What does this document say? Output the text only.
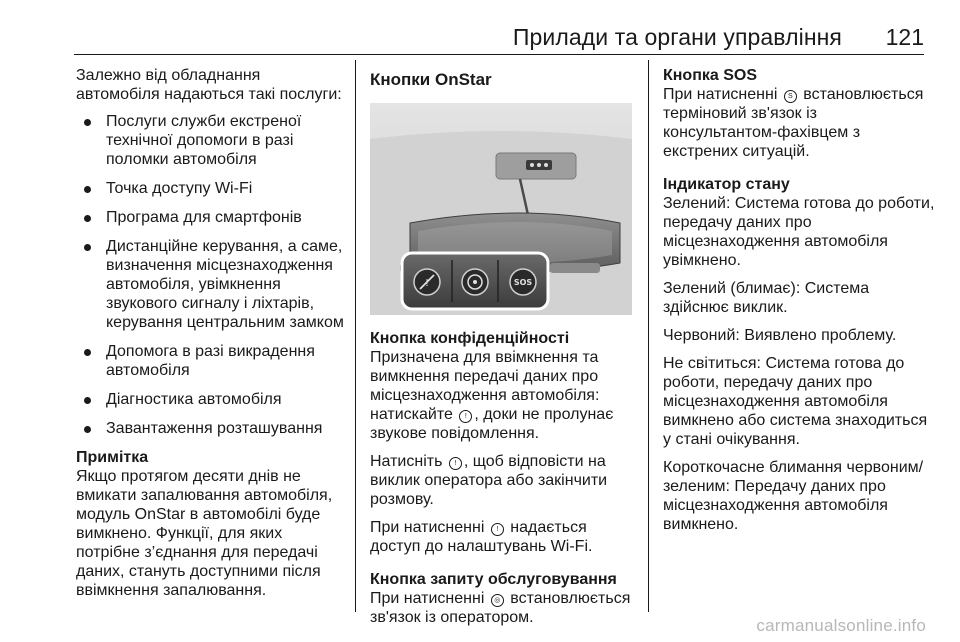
Прилади та органи управління 121

Залежно від обладнання автомобіля надаються такі послуги:

Послуги служби екстреної технічної допомоги в разі поломки автомобіля
Точка доступу Wi-Fi
Програма для смартфонів
Дистанційне керування, а саме, визначення місцезнаходження автомобіля, увімкнення звукового сигналу і ліхтарів, керування центральним замком
Допомога в разі викрадення автомобіля
Діагностика автомобіля
Завантаження розташування

Примітка

Якщо протягом десяти днів не вмикати запалювання автомобіля, модуль OnStar в автомобілі буде вимкнено. Функції, для яких потрібне з’єднання для передачі даних, стануть доступними після ввімкнення запалювання.

Кнопки OnStar

!	SOS

Кнопка конфіденційності

Призначена для ввімкнення та вимкнення передачі даних про місцезнаходження автомобіля: натискайте ! , доки не пролунає звукове повідомлення.

Натисніть ! , щоб відповісти на виклик оператора або закінчити розмову.

При натисненні ! надається доступ до налаштувань Wi-Fi.

Кнопка запиту обслуговування

При натисненні ◎ встановлюється зв'язок із оператором.

Кнопка SOS

При натисненні S встановлюється терміновий зв'язок із консультантом-фахівцем з екстрених ситуацій.

Індикатор стану

Зелений: Система готова до роботи, передачу даних про місцезнаходження автомобіля увімкнено.

Зелений (блимає): Система здійснює виклик.

Червоний: Виявлено проблему.

Не світиться: Система готова до роботи, передачу даних про місцезнаходження автомобіля вимкнено або система знаходиться у стані очікування.

Короткочасне блимання червоним/ зеленим: Передачу даних про місцезнаходження автомобіля вимкнено.

carmanualsonline.info
